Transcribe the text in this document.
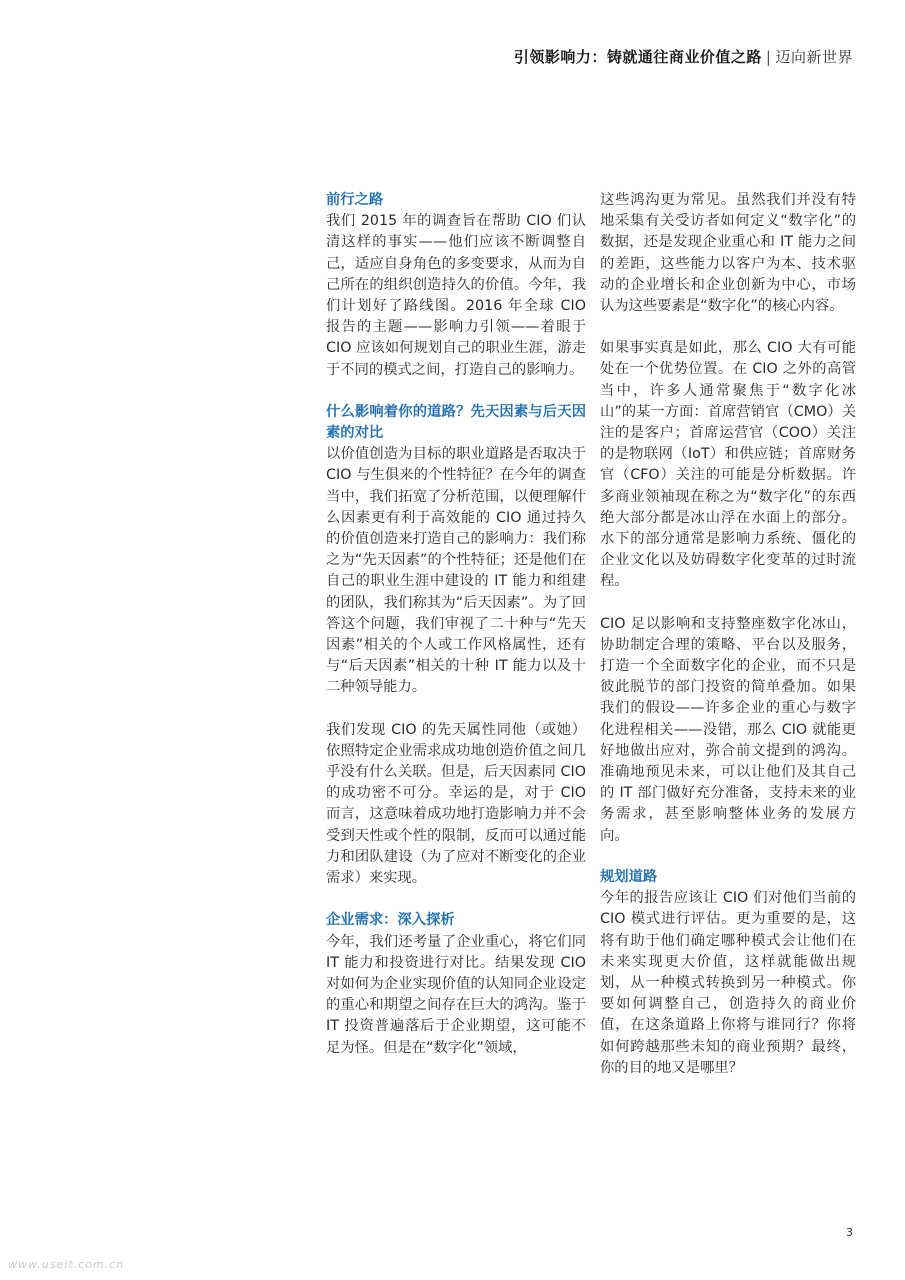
引领影响力：铸就通往商业价值之路 | 迈向新世界
前行之路

我们 2015 年的调查旨在帮助 CIO 们认清这样的事实——他们应该不断调整自己，适应自身角色的多变要求，从而为自己所在的组织创造持久的价值。今年，我们计划好了路线图。2016 年全球 CIO 报告的主题——影响力引领——着眼于 CIO 应该如何规划自己的职业生涯，游走于不同的模式之间，打造自己的影响力。

什么影响着你的道路？先天因素与后天因素的对比

以价值创造为目标的职业道路是否取决于 CIO 与生俱来的个性特征？在今年的调查当中，我们拓宽了分析范围，以便理解什么因素更有利于高效能的 CIO 通过持久的价值创造来打造自己的影响力：我们称之为“先天因素”的个性特征；还是他们在自己的职业生涯中建设的 IT 能力和组建的团队，我们称其为“后天因素”。为了回答这个问题，我们审视了二十种与“先天因素”相关的个人或工作风格属性，还有与“后天因素”相关的十种 IT 能力以及十二种领导能力。

我们发现 CIO 的先天属性同他（或她）依照特定企业需求成功地创造价值之间几乎没有什么关联。但是，后天因素同 CIO 的成功密不可分。幸运的是，对于 CIO 而言，这意味着成功地打造影响力并不会受到天性或个性的限制，反而可以通过能力和团队建设（为了应对不断变化的企业需求）来实现。

企业需求：深入探析

今年，我们还考量了企业重心，将它们同 IT 能力和投资进行对比。结果发现 CIO 对如何为企业实现价值的认知同企业设定的重心和期望之间存在巨大的鸿沟。鉴于 IT 投资普遍落后于企业期望，这可能不足为怪。但是在“数字化”领域，

这些鸿沟更为常见。虽然我们并没有特地采集有关受访者如何定义“数字化”的数据，还是发现企业重心和 IT 能力之间的差距，这些能力以客户为本、技术驱动的企业增长和企业创新为中心，市场认为这些要素是“数字化”的核心内容。

如果事实真是如此，那么 CIO 大有可能处在一个优势位置。在 CIO 之外的高管当中，许多人通常聚焦于“数字化冰山”的某一方面：首席营销官（CMO）关注的是客户；首席运营官（COO）关注的是物联网（IoT）和供应链；首席财务官（CFO）关注的可能是分析数据。许多商业领袖现在称之为“数字化”的东西绝大部分都是冰山浮在水面上的部分。水下的部分通常是影响力系统、僵化的企业文化以及妨碍数字化变革的过时流程。

CIO 足以影响和支持整座数字化冰山，协助制定合理的策略、平台以及服务，打造一个全面数字化的企业，而不只是彼此脱节的部门投资的简单叠加。如果我们的假设——许多企业的重心与数字化进程相关——没错，那么 CIO 就能更好地做出应对，弥合前文提到的鸿沟。准确地预见未来，可以让他们及其自己的 IT 部门做好充分准备，支持未来的业务需求，甚至影响整体业务的发展方向。

规划道路

今年的报告应该让 CIO 们对他们当前的 CIO 模式进行评估。更为重要的是，这将有助于他们确定哪种模式会让他们在未来实现更大价值，这样就能做出规划，从一种模式转换到另一种模式。你要如何调整自己，创造持久的商业价值，在这条道路上你将与谁同行？你将如何跨越那些未知的商业预期？最终，你的目的地又是哪里？

3
www.useit.com.cn
